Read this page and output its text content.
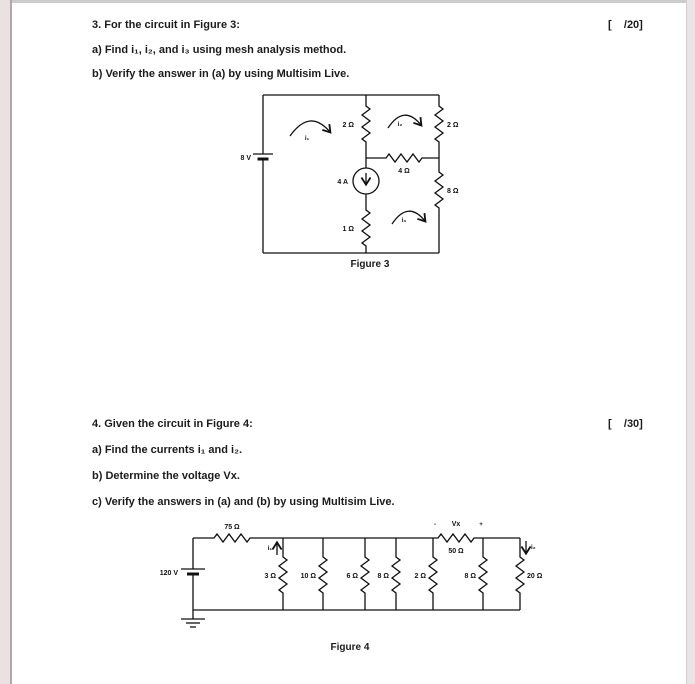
3. For the circuit in Figure 3:	[    /20]
a) Find i₁, i₂, and i₃ using mesh analysis method.
b) Verify the answer in (a) by using Multisim Live.
8 V
2 Ω
4 A
1 Ω
4 Ω
2 Ω
8 Ω
i₁
i₂
i₃
Figure 3
4. Given the circuit in Figure 4:	[    /30]
a) Find the currents i₁ and i₂.
b) Determine the voltage Vx.
c) Verify the answers in (a) and (b) by using Multisim Live.
75 Ω
120 V	3 Ω
i₁
10 Ω	6 Ω	8 Ω	2 Ω
50 Ω
Vx
-	+
8 Ω	20 Ω
i₂
Figure 4
